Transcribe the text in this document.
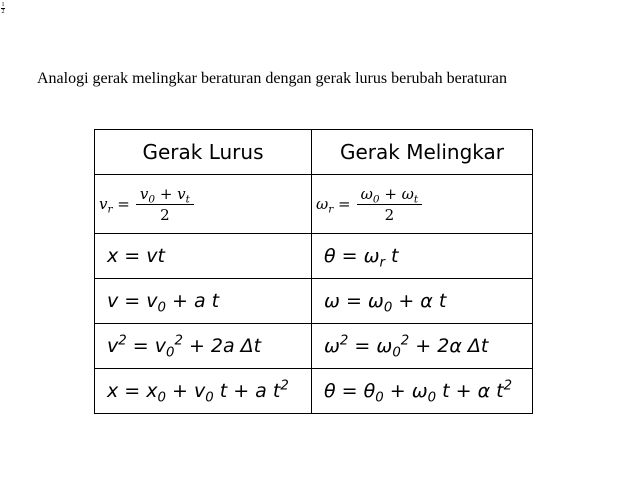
1
2
Analogi gerak melingkar beraturan dengan gerak lurus berubah beraturan
Gerak Lurus	Gerak Melingkar

$v_r = \frac{v_0 + v_t}{2}$	$\omega_r = \frac{\omega_0 + \omega_t}{2}$

x = vt	$\theta = \omega_r$ t
$v = v_0 + a$ t	$\omega = \omega_0 + \alpha$ t
$v^2 = v_0^2 + 2a$ Δt	$\omega^2 = \omega_0^2 + 2\alpha$ Δt
$x = x_0 + v_0$ t + a $t^2$	$\theta = \theta_0 + \omega_0$ t + α $t^2$
